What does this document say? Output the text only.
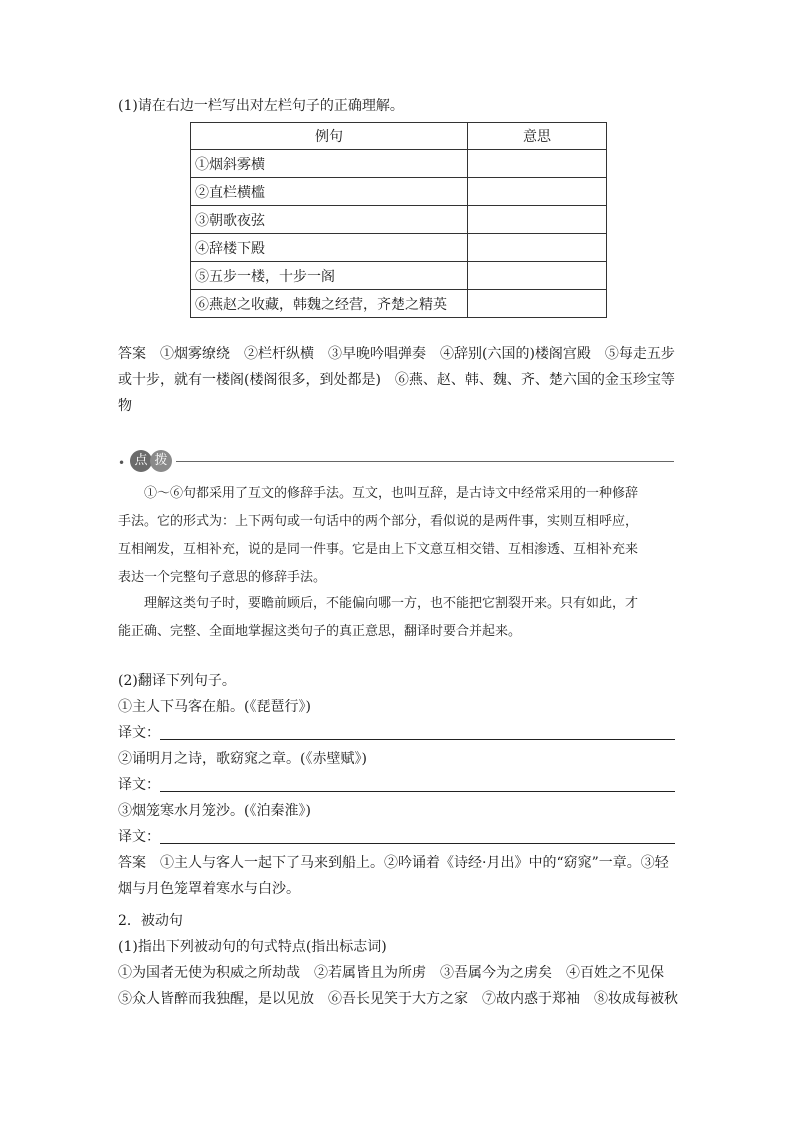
(1)请在右边一栏写出对左栏句子的正确理解。
例句	意思
①烟斜雾横	
②直栏横槛	
③朝歌夜弦	
④辞楼下殿	
⑤五步一楼，十步一阁	
⑥燕赵之收藏，韩魏之经营，齐楚之精英	
答案　 ①烟雾缭绕　②栏杆纵横　③早晚吟唱弹奏　④辞别(六国的)楼阁宫殿　⑤每走五步
或十步，就有一楼阁(楼阁很多，到处都是)　⑥燕、赵、韩、魏、齐、楚六国的金玉珍宝等
物
• 点 拨
①～⑥句都采用了互文的修辞手法。互文，也叫互辞，是古诗文中经常采用的一种修辞
手法。它的形式为：上下两句或一句话中的两个部分，看似说的是两件事，实则互相呼应，
互相阐发，互相补充，说的是同一件事。它是由上下文意互相交错、互相渗透、互相补充来
表达一个完整句子意思的修辞手法。
理解这类句子时，要瞻前顾后，不能偏向哪一方，也不能把它割裂开来。只有如此，才
能正确、完整、全面地掌握这类句子的真正意思，翻译时要合并起来。
(2)翻译下列句子。
①主人下马客在船。(《琵琶行》)
译文：
②诵明月之诗，歌窈窕之章。(《赤壁赋》)
译文：
③烟笼寒水月笼沙。(《泊秦淮》)
译文：
答案　 ①主人与客人一起下了马来到船上。②吟诵着《诗经·月出》中的“窈窕”一章。③轻
烟与月色笼罩着寒水与白沙。
2．被动句
(1)指出下列被动句的句式特点(指出标志词)
①为国者无使为积威之所劫哉　②若属皆且为所虏　③吾属今为之虏矣　④百姓之不见保
⑤众人皆醉而我独醒，是以见放　⑥吾长见笑于大方之家　⑦故内惑于郑袖　⑧妆成每被秋
